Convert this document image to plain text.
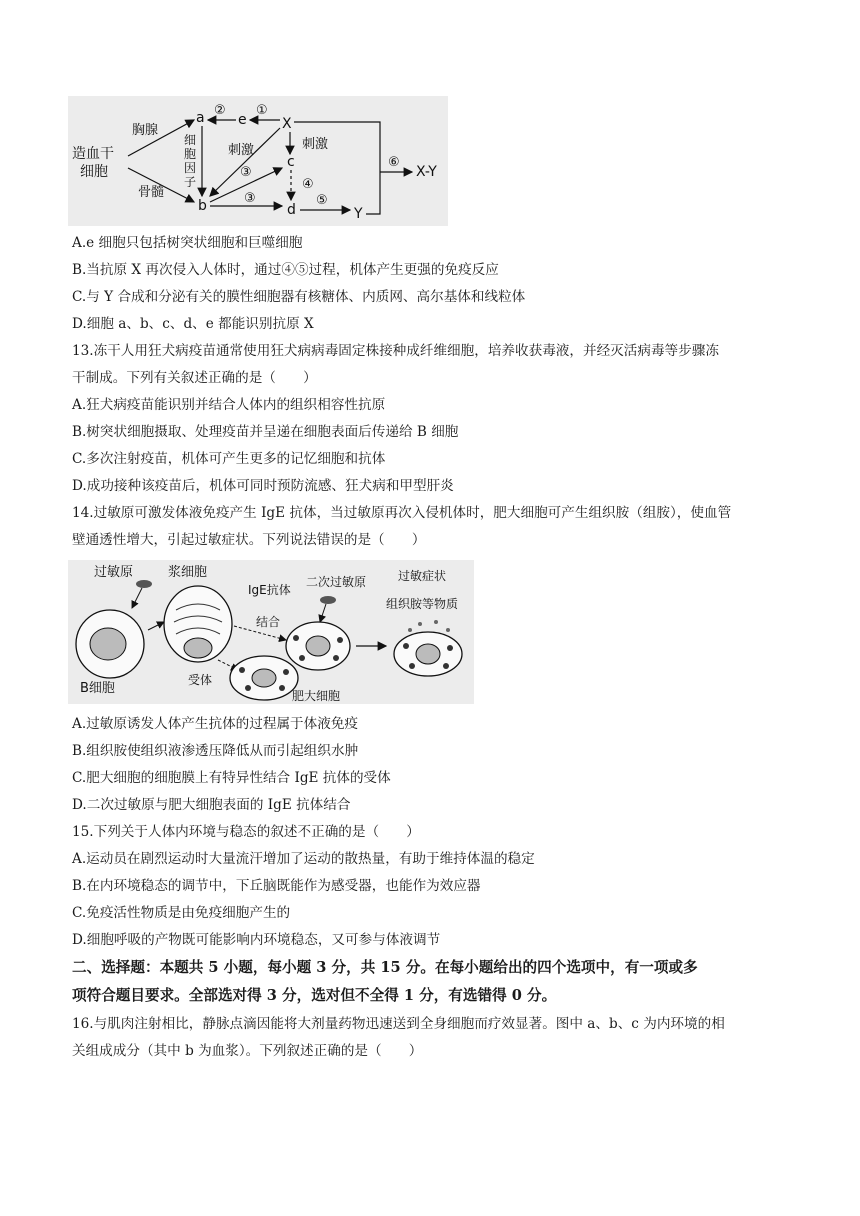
造血干
细胞
胸腺
骨髓
a
b
e	X
c
d	Y
X-Y
② ①
细
胞
因
子
刺激
③
刺激
③
④
⑤
⑥
A.e 细胞只包括树突状细胞和巨噬细胞
B.当抗原 X 再次侵入人体时，通过④⑤过程，机体产生更强的免疫反应
C.与 Y 合成和分泌有关的膜性细胞器有核糖体、内质网、高尔基体和线粒体
D.细胞 a、b、c、d、e 都能识别抗原 X
13.冻干人用狂犬病疫苗通常使用狂犬病病毒固定株接种成纤维细胞，培养收获毒液，并经灭活病毒等步骤冻
干制成。下列有关叙述正确的是（　　）
A.狂犬病疫苗能识别并结合人体内的组织相容性抗原
B.树突状细胞摄取、处理疫苗并呈递在细胞表面后传递给 B 细胞
C.多次注射疫苗，机体可产生更多的记忆细胞和抗体
D.成功接种该疫苗后，机体可同时预防流感、狂犬病和甲型肝炎
14.过敏原可激发体液免疫产生 IgE 抗体，当过敏原再次入侵机体时，肥大细胞可产生组织胺（组胺），使血管
壁通透性增大，引起过敏症状。下列说法错误的是（　　）
过敏原
B细胞
浆细胞
IgE抗体
结合
受体
肥大细胞
二次过敏原	过敏症状
组织胺等物质
A.过敏原诱发人体产生抗体的过程属于体液免疫
B.组织胺使组织液渗透压降低从而引起组织水肿
C.肥大细胞的细胞膜上有特异性结合 IgE 抗体的受体
D.二次过敏原与肥大细胞表面的 IgE 抗体结合
15.下列关于人体内环境与稳态的叙述不正确的是（　　）
A.运动员在剧烈运动时大量流汗增加了运动的散热量，有助于维持体温的稳定
B.在内环境稳态的调节中，下丘脑既能作为感受器，也能作为效应器
C.免疫活性物质是由免疫细胞产生的
D.细胞呼吸的产物既可能影响内环境稳态，又可参与体液调节
二、选择题：本题共 5 小题，每小题 3 分，共 15 分。在每小题给出的四个选项中，有一项或多
项符合题目要求。全部选对得 3 分，选对但不全得 1 分，有选错得 0 分。
16.与肌肉注射相比，静脉点滴因能将大剂量药物迅速送到全身细胞而疗效显著。图中 a、b、c 为内环境的相
关组成成分（其中 b 为血浆）。下列叙述正确的是（　　）
